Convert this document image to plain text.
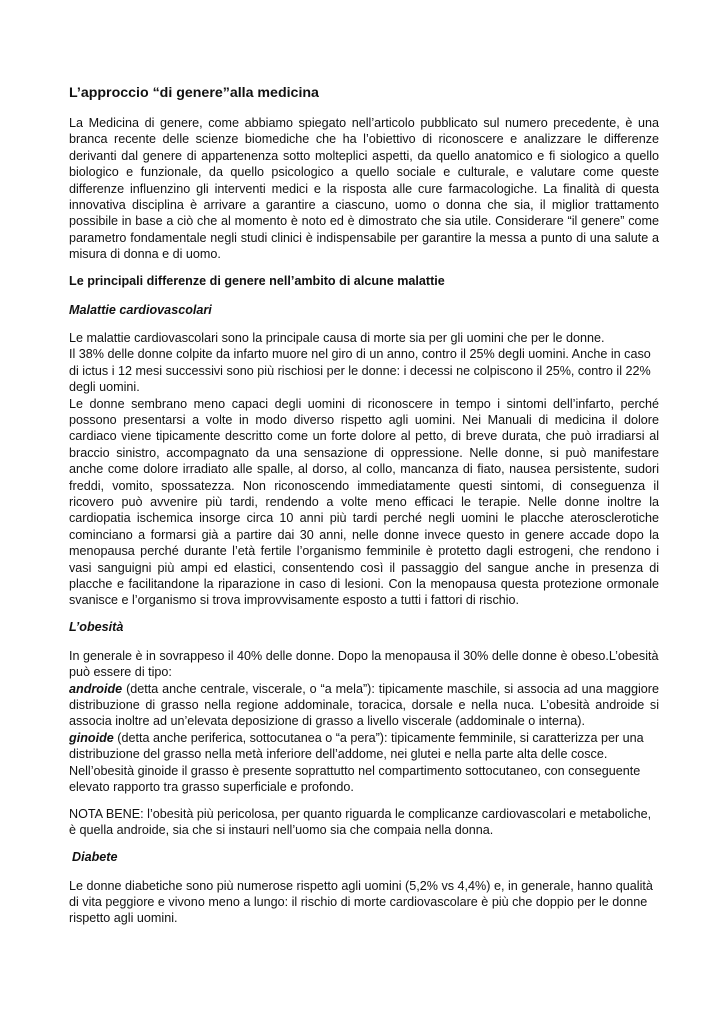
L’approccio “di genere”alla medicina

La Medicina di genere, come abbiamo spiegato nell’articolo pubblicato sul numero precedente, è una branca recente delle scienze biomediche che ha l’obiettivo di riconoscere e analizzare le differenze derivanti dal genere di appartenenza sotto molteplici aspetti, da quello anatomico e fi siologico a quello biologico e funzionale, da quello psicologico a quello sociale e culturale, e valutare come queste differenze influenzino gli interventi medici e la risposta alle cure farmacologiche. La finalità di questa innovativa disciplina è arrivare a garantire a ciascuno, uomo o donna che sia, il miglior trattamento possibile in base a ciò che al momento è noto ed è dimostrato che sia utile. Considerare “il genere” come parametro fondamentale negli studi clinici è indispensabile per garantire la messa a punto di una salute a misura di donna e di uomo.

Le principali differenze di genere nell’ambito di alcune malattie
Malattie cardiovascolari

Le malattie cardiovascolari sono la principale causa di morte sia per gli uomini che per le donne.
Il 38% delle donne colpite da infarto muore nel giro di un anno, contro il 25% degli uomini. Anche in caso di ictus i 12 mesi successivi sono più rischiosi per le donne: i decessi ne colpiscono il 25%, contro il 22% degli uomini.
Le donne sembrano meno capaci degli uomini di riconoscere in tempo i sintomi dell’infarto, perché possono presentarsi a volte in modo diverso rispetto agli uomini. Nei Manuali di medicina il dolore cardiaco viene tipicamente descritto come un forte dolore al petto, di breve durata, che può irradiarsi al braccio sinistro, accompagnato da una sensazione di oppressione. Nelle donne, si può manifestare anche come dolore irradiato alle spalle, al dorso, al collo, mancanza di fiato, nausea persistente, sudori freddi, vomito, spossatezza. Non riconoscendo immediatamente questi sintomi, di conseguenza il ricovero può avvenire più tardi, rendendo a volte meno efficaci le terapie. Nelle donne inoltre la cardiopatia ischemica insorge circa 10 anni più tardi perché negli uomini le placche aterosclerotiche cominciano a formarsi già a partire dai 30 anni, nelle donne invece questo in genere accade dopo la menopausa perché durante l’età fertile l’organismo femminile è protetto dagli estrogeni, che rendono i vasi sanguigni più ampi ed elastici, consentendo così il passaggio del sangue anche in presenza di placche e facilitandone la riparazione in caso di lesioni. Con la menopausa questa protezione ormonale svanisce e l’organismo si trova improvvisamente esposto a tutti i fattori di rischio.

L’obesità

In generale è in sovrappeso il 40% delle donne. Dopo la menopausa il 30% delle donne è obeso.L’obesità può essere di tipo:
androide (detta anche centrale, viscerale, o “a mela”): tipicamente maschile, si associa ad una maggiore distribuzione di grasso nella regione addominale, toracica, dorsale e nella nuca. L’obesità androide si associa inoltre ad un’elevata deposizione di grasso a livello viscerale (addominale o interna).
ginoide (detta anche periferica, sottocutanea o “a pera”): tipicamente femminile, si caratterizza per una distribuzione del grasso nella metà inferiore dell’addome, nei glutei e nella parte alta delle cosce.
Nell’obesità ginoide il grasso è presente soprattutto nel compartimento sottocutaneo, con conseguente elevato rapporto tra grasso superficiale e profondo.

NOTA BENE: l’obesità più pericolosa, per quanto riguarda le complicanze cardiovascolari e metaboliche, è quella androide, sia che si instauri nell’uomo sia che compaia nella donna.

Diabete

Le donne diabetiche sono più numerose rispetto agli uomini (5,2% vs 4,4%) e, in generale, hanno qualità di vita peggiore e vivono meno a lungo: il rischio di morte cardiovascolare è più che doppio per le donne rispetto agli uomini.
